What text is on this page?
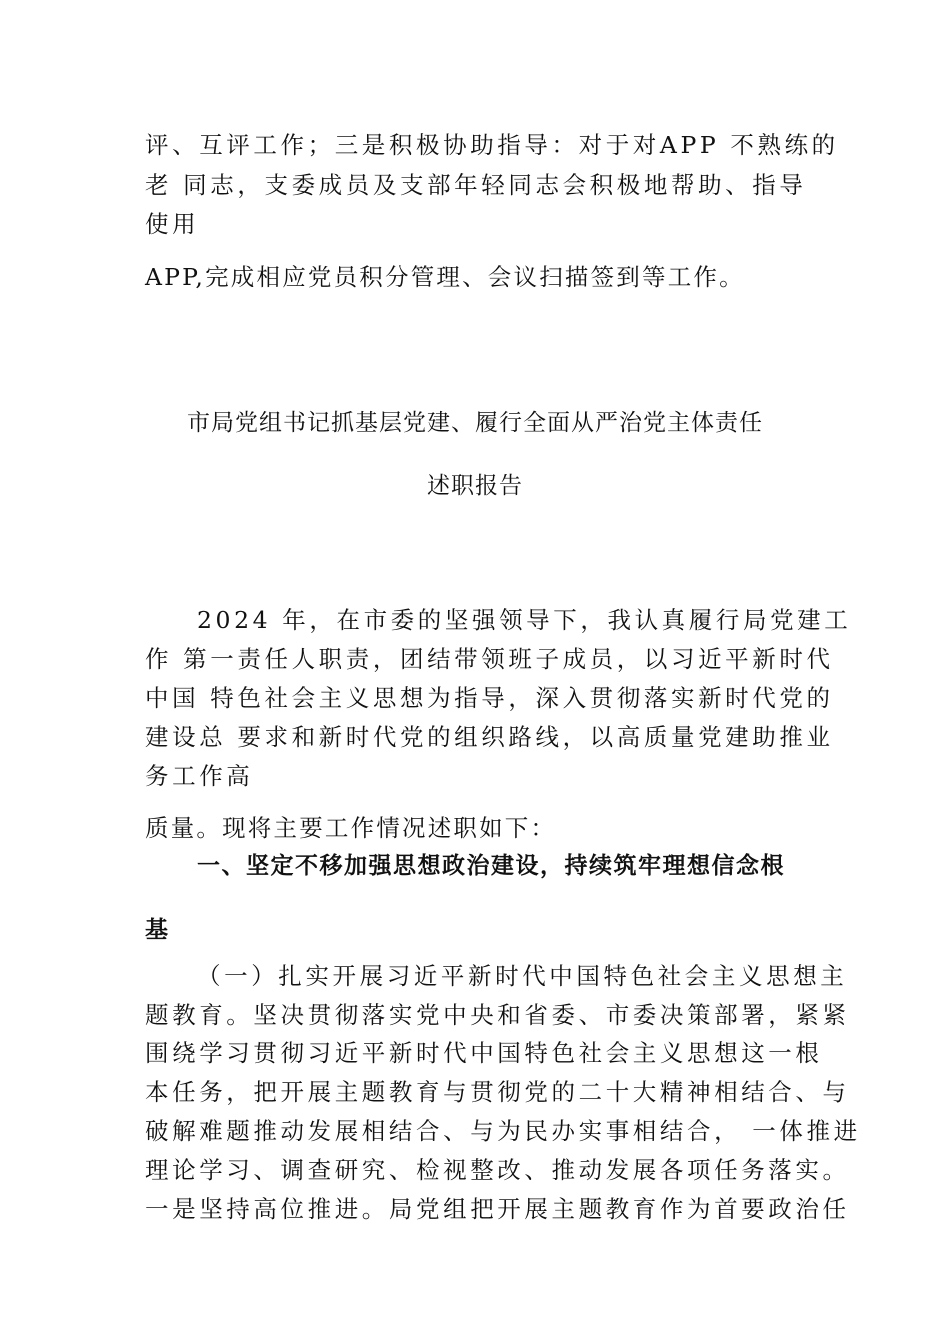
评、互评工作；三是积极协助指导：对于对APP 不熟练的
老 同志，支委成员及支部年轻同志会积极地帮助、指导
使用
APP,完成相应党员积分管理、会议扫描签到等工作。
市局党组书记抓基层党建、履行全面从严治党主体责任
述职报告
2024 年，在市委的坚强领导下，我认真履行局党建工
作 第一责任人职责，团结带领班子成员，以习近平新时代
中国 特色社会主义思想为指导，深入贯彻落实新时代党的
建设总 要求和新时代党的组织路线，以高质量党建助推业
务工作高
质量。现将主要工作情况述职如下：
一、坚定不移加强思想政治建设，持续筑牢理想信念根
基
（一）扎实开展习近平新时代中国特色社会主义思想主
题教育。坚决贯彻落实党中央和省委、市委决策部署，紧紧
围绕学习贯彻习近平新时代中国特色社会主义思想这一根
本任务，把开展主题教育与贯彻党的二十大精神相结合、与
破解难题推动发展相结合、与为民办实事相结合， 一体推进
理论学习、调查研究、检视整改、推动发展各项任务落实。
一是坚持高位推进。局党组把开展主题教育作为首要政治任
